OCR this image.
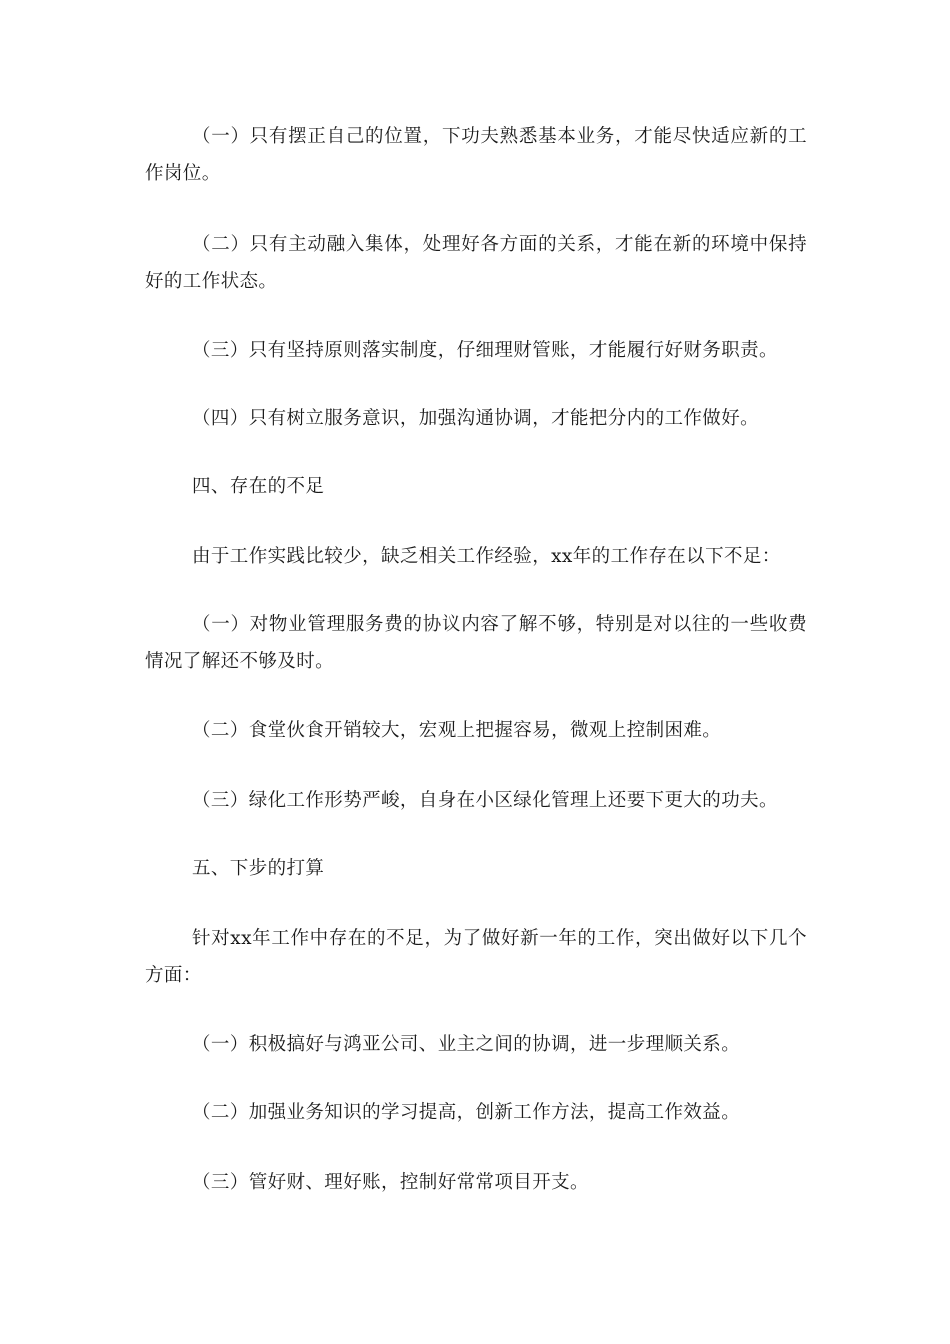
（一）只有摆正自己的位置，下功夫熟悉基本业务，才能尽快适应新的工作岗位。

（二）只有主动融入集体，处理好各方面的关系，才能在新的环境中保持好的工作状态。

（三）只有坚持原则落实制度，仔细理财管账，才能履行好财务职责。

（四）只有树立服务意识，加强沟通协调，才能把分内的工作做好。

四、存在的不足

由于工作实践比较少，缺乏相关工作经验，xx年的工作存在以下不足：

（一）对物业管理服务费的协议内容了解不够，特别是对以往的一些收费情况了解还不够及时。

（二）食堂伙食开销较大，宏观上把握容易，微观上控制困难。

（三）绿化工作形势严峻，自身在小区绿化管理上还要下更大的功夫。

五、下步的打算

针对xx年工作中存在的不足，为了做好新一年的工作，突出做好以下几个方面：

（一）积极搞好与鸿亚公司、业主之间的协调，进一步理顺关系。

（二）加强业务知识的学习提高，创新工作方法，提高工作效益。

（三）管好财、理好账，控制好常常项目开支。
